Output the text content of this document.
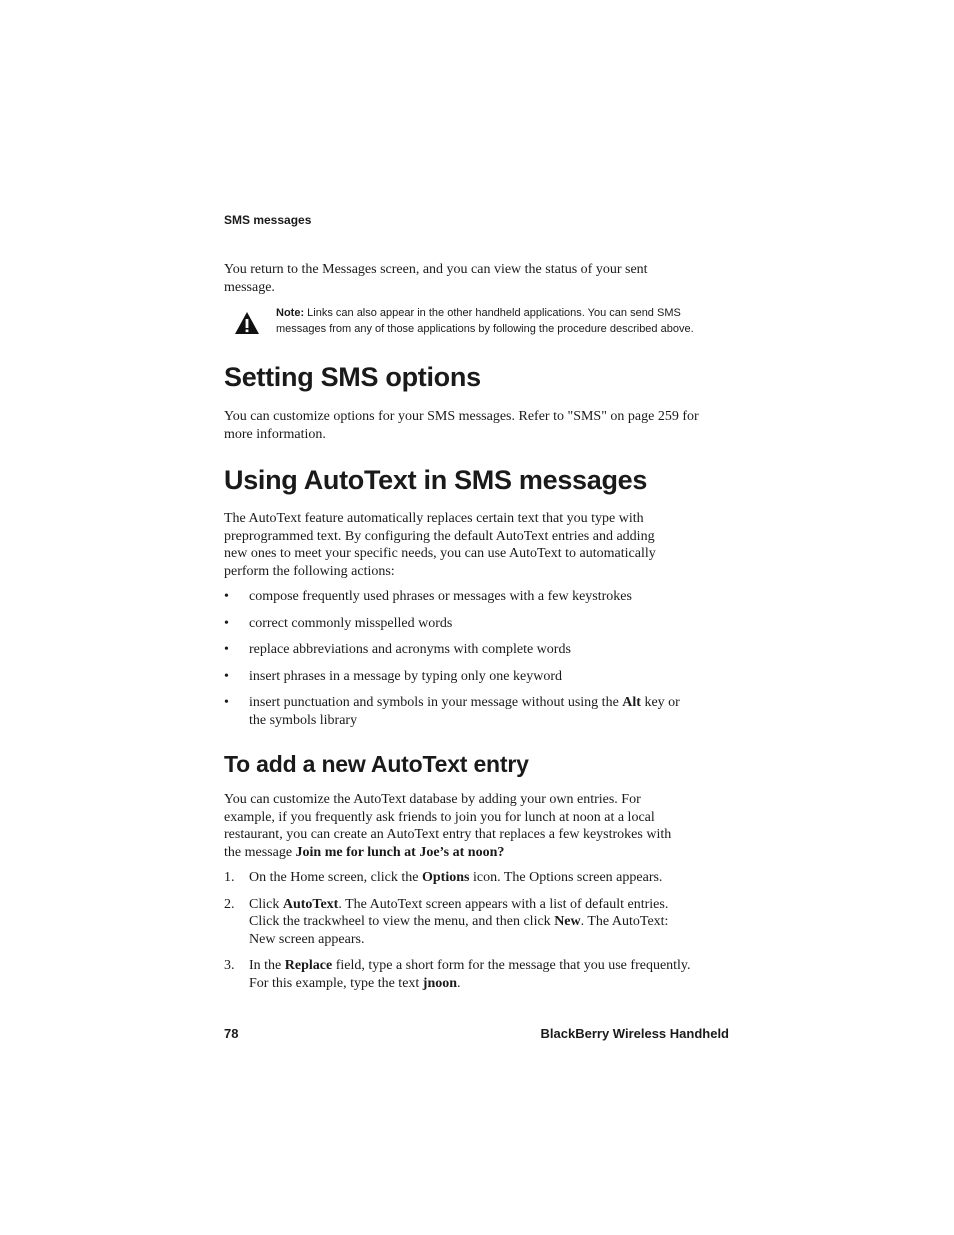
SMS messages
You return to the Messages screen, and you can view the status of your sent
message.
Note: Links can also appear in the other handheld applications. You can send SMS
messages from any of those applications by following the procedure described above.
Setting SMS options
You can customize options for your SMS messages. Refer to "SMS" on page 259 for
more information.
Using AutoText in SMS messages
The AutoText feature automatically replaces certain text that you type with
preprogrammed text. By configuring the default AutoText entries and adding
new ones to meet your specific needs, you can use AutoText to automatically
perform the following actions:
• compose frequently used phrases or messages with a few keystrokes
• correct commonly misspelled words
• replace abbreviations and acronyms with complete words
• insert phrases in a message by typing only one keyword
• insert punctuation and symbols in your message without using the Alt key or
the symbols library
To add a new AutoText entry
You can customize the AutoText database by adding your own entries. For
example, if you frequently ask friends to join you for lunch at noon at a local
restaurant, you can create an AutoText entry that replaces a few keystrokes with
the message Join me for lunch at Joe’s at noon?
1. On the Home screen, click the Options icon. The Options screen appears.
2. Click AutoText. The AutoText screen appears with a list of default entries.
Click the trackwheel to view the menu, and then click New. The AutoText:
New screen appears.
3. In the Replace field, type a short form for the message that you use frequently.
For this example, type the text jnoon.
78	BlackBerry Wireless Handheld
